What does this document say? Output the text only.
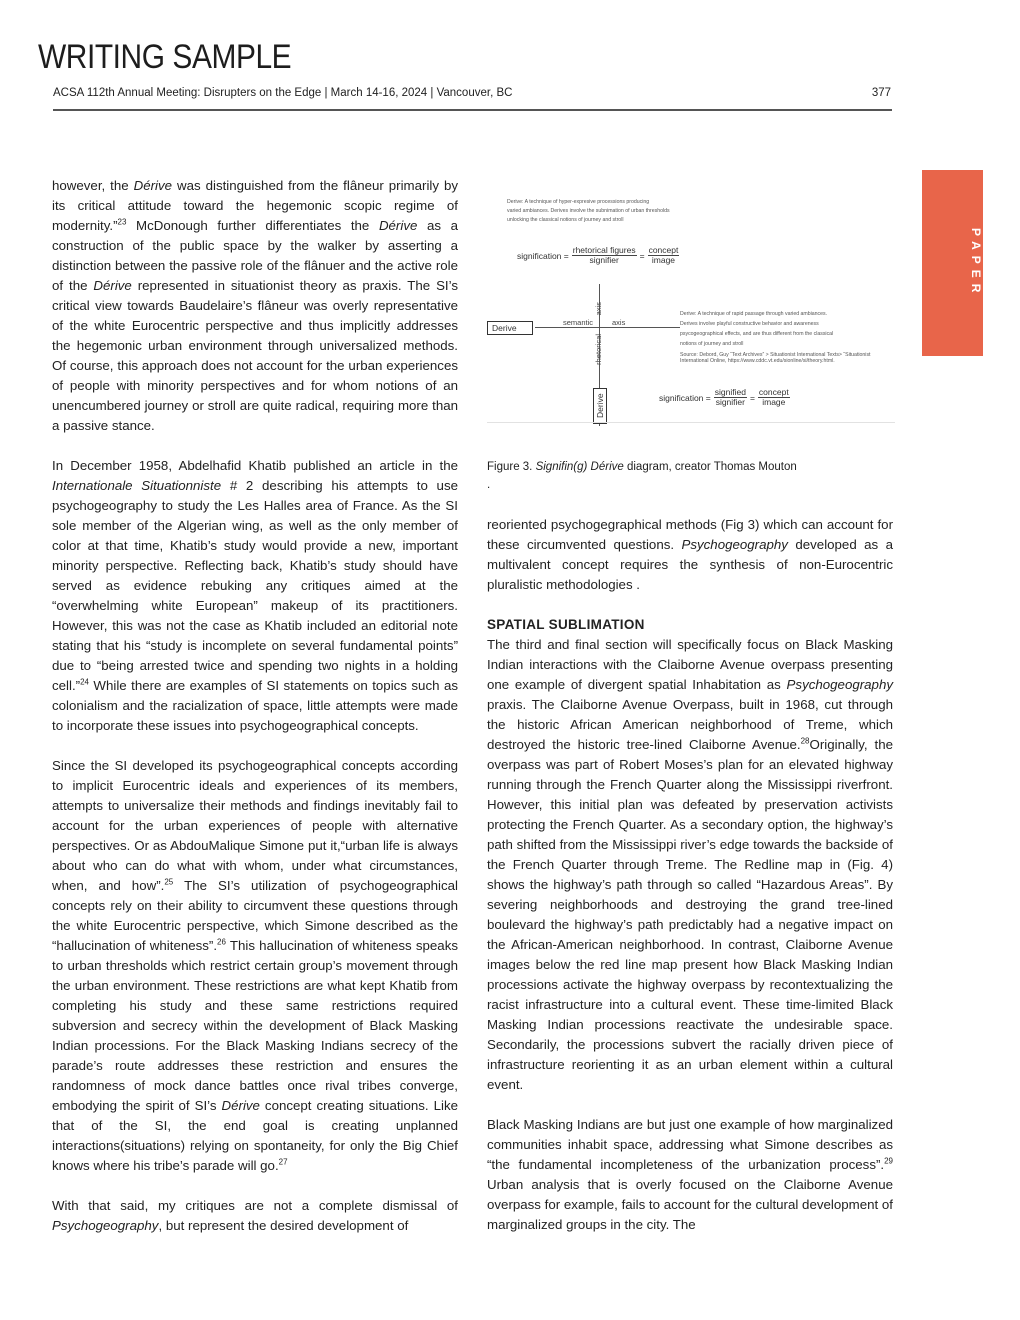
WRITING SAMPLE
ACSA 112th Annual Meeting: Disrupters on the Edge | March 14-16, 2024 | Vancouver, BC	377
PAPER

however, the Dérive was distinguished from the flâneur primarily by its critical attitude toward the hegemonic scopic regime of modernity.”$^{23}$ McDonough further differentiates the Dérive as a construction of the public space by the walker by asserting a distinction between the passive role of the flânuer and the active role of the Dérive represented in situationist theory as praxis. The SI’s critical view towards Baudelaire’s flâneur was overly representative of the white Eurocentric perspective and thus implicitly addresses the hegemonic urban environment through universalized methods. Of course, this approach does not account for the urban experiences of people with minority perspectives and for whom notions of an unencumbered journey or stroll are quite radical, requiring more than a passive stance.

In December 1958, Abdelhafid Khatib published an article in the Internationale Situationniste # 2 describing his attempts to use psychogeography to study the Les Halles area of France. As the SI sole member of the Algerian wing, as well as the only member of color at that time, Khatib’s study would provide a new, important minority perspective. Reflecting back, Khatib’s study should have served as evidence rebuking any critiques aimed at the “overwhelming white European” makeup of its practitioners. However, this was not the case as Khatib included an editorial note stating that his “study is incomplete on several fundamental points” due to “being arrested twice and spending two nights in a holding cell.”$^{24}$ While there are examples of SI statements on topics such as colonialism and the racialization of space, little attempts were made to incorporate these issues into psychogeographical concepts.

Since the SI developed its psychogeographical concepts according to implicit Eurocentric ideals and experiences of its members, attempts to universalize their methods and findings inevitably fail to account for the urban experiences of people with alternative perspectives. Or as AbdouMalique Simone put it,“urban life is always about who can do what with whom, under what circumstances, when, and how”.$^{25}$ The SI’s utilization of psychogeographical concepts rely on their ability to circumvent these questions through the white Eurocentric perspective, which Simone described as the “hallucination of whiteness”.$^{26}$ This hallucination of whiteness speaks to urban thresholds which restrict certain group’s movement through the urban environment. These restrictions are what kept Khatib from completing his study and these same restrictions required subversion and secrecy within the development of Black Masking Indian processions. For the Black Masking Indians secrecy of the parade’s route addresses these restriction and ensures the randomness of mock dance battles once rival tribes converge, embodying the spirit of SI’s Dérive concept creating situations. Like that of the SI, the end goal is creating unplanned interactions(situations) relying on spontaneity, for only the Big Chief knows where his tribe’s parade will go.$^{27}$

With that said, my critiques are not a complete dismissal of Psychogeography, but represent the desired development of

Derive: A technique of hyper-expresive processions producing
varied ambiances. Derives involve the subnimation of urban thresholds
unlocking the classical notions of journey and stroll
signification = $\frac{\text{rhetorical figures}}{\text{signifier}} = \frac{\text{concept}}{\text{image}}$
Derive
Derive
semantic	axis
axis
rhetorical
Derive: A technique of rapid passage through varied ambiances.
Derives involve playful constructive behavior and awareness
psycogeographical effects, and are thus different from the classical
notions of journey and stroll
Source: Debord, Guy “Text Archives” > Situationist International Texts> “Situationist
International Online, https://www.cddc.vt.edu/sionline/si/theory.html.
signification = $\frac{\text{signified}}{\text{signifier}} = \frac{\text{concept}}{\text{image}}$
Figure 3. Signifin(g) Dérive diagram, creator Thomas Mouton
.

reoriented psychogegraphical methods (Fig 3) which can account for these circumvented questions. Psychogeography developed as a multivalent concept requires the synthesis of non-Eurocentric pluralistic methodologies .

SPATIAL SUBLIMATION

The third and final section will specifically focus on Black Masking Indian interactions with the Claiborne Avenue overpass presenting one example of divergent spatial Inhabitation as Psychogeography praxis. The Claiborne Avenue Overpass, built in 1968, cut through the historic African American neighborhood of Treme, which destroyed the historic tree-lined Claiborne Avenue.$^{28}$Originally, the overpass was part of Robert Moses’s plan for an elevated highway running through the French Quarter along the Mississippi riverfront. However, this initial plan was defeated by preservation activists protecting the French Quarter. As a secondary option, the highway’s path shifted from the Mississippi river’s edge towards the backside of the French Quarter through Treme. The Redline map in (Fig. 4) shows the highway’s path through so called “Hazardous Areas”. By severing neighborhoods and destroying the grand tree-lined boulevard the highway’s path predictably had a negative impact on the African-American neighborhood. In contrast, Claiborne Avenue images below the red line map present how Black Masking Indian processions activate the highway overpass by recontextualizing the racist infrastructure into a cultural event. These time-limited Black Masking Indian processions reactivate the undesirable space. Secondarily, the processions subvert the racially driven piece of infrastructure reorienting it as an urban element within a cultural event.

Black Masking Indians are but just one example of how marginalized communities inhabit space, addressing what Simone describes as “the fundamental incompleteness of the urbanization process”.$^{29}$ Urban analysis that is overly focused on the Claiborne Avenue overpass for example, fails to account for the cultural development of marginalized groups in the city. The
